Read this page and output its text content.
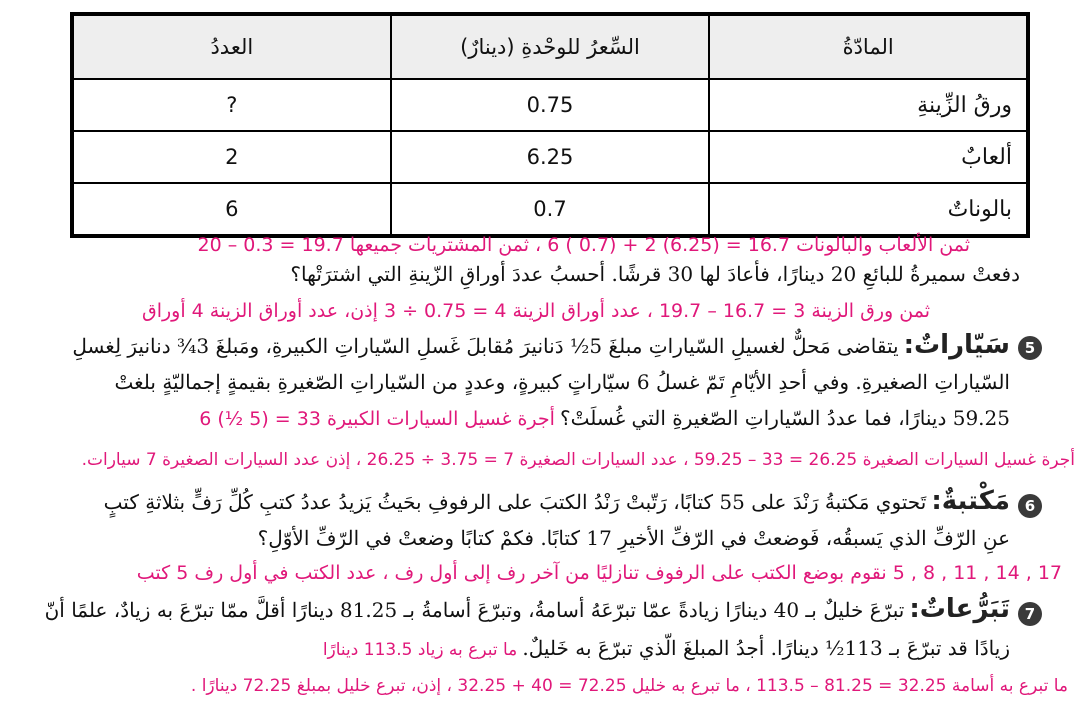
العددُ	السِّعرُ للوحْدةِ (دينارٌ)	المادّةُ
?	0.75	ورقُ الزِّينةِ
2	6.25	ألعابٌ
6	0.7	بالوناتٌ
ثمن الألعاب والبالونات 16.7 = (6.25) 2 + (0.7 ) 6 ، ثمن المشتريات جميعها 19.7 = 0.3 – 20
دفعتْ سميرةُ للبائعِ 20 دينارًا، فأعادَ لها 30 قرشًا. أحسبُ عددَ أوراقِ الزّينةِ التي اشترَتْها؟
ثمن ورق الزينة 3 = 16.7 – 19.7 ، عدد أوراق الزينة 4 = 0.75 ÷ 3 إذن، عدد أوراق الزينة 4 أوراق
5
سَيّاراتٌ: يتقاضى مَحلٌّ لغسيلِ السّياراتِ مبلغَ 5½ دَنانيرَ مُقابلَ غَسلِ السّياراتِ الكبيرةِ، ومَبلغَ 3¾ دنانيرَ لِغسلِ
السّياراتِ الصغيرةِ. وفي أحدِ الأيّامِ تَمّ غسلُ 6 سيّاراتٍ كبيرةٍ، وعددٍ من السّياراتِ الصّغيرةِ بقيمةٍ إجماليّةٍ بلغتْ
59.25 دينارًا، فما عددُ السّياراتِ الصّغيرةِ التي غُسلَتْ؟ أجرة غسيل السيارات الكبيرة 33 = (5 ½) 6
أجرة غسيل السيارات الصغيرة 26.25 = 33 – 59.25 ، عدد السيارات الصغيرة 7 = 3.75 ÷ 26.25 ، إذن عدد السيارات الصغيرة 7 سيارات.
6
مَكْتبةٌ: تَحتوي مَكتبةُ رَنْدَ على 55 كتابًا، رَتّبتْ رَنْدُ الكتبَ على الرفوفِ بحَيثُ يَزيدُ عددُ كتبِ كُلِّ رَفٍّ بثلاثةِ كتبٍ
عنِ الرّفِّ الذي يَسبقُه، فَوضعتْ في الرّفِّ الأخيرِ 17 كتابًا. فكمْ كتابًا وضعتْ في الرّفِّ الأوّلِ؟
17 , 14 , 11 , 8 , 5 نقوم بوضع الكتب على الرفوف تنازليًا من آخر رف إلى أول رف ، عدد الكتب في أول رف 5 كتب
7
تَبَرُّعاتٌ: تبرّعَ خليلٌ بـ 40 دينارًا زيادةً عمّا تبرّعَهُ أسامةُ، وتبرّعَ أسامةُ بـ 81.25 دينارًا أقلَّ ممّا تبرّعَ به زيادٌ، علمًا أنّ
زيادًا قد تبرّعَ بـ 113½ دينارًا. أجدُ المبلغَ الّذي تبرّعَ به خَليلٌ. ما تبرع به زياد 113.5 دينارًا
ما تبرع به أسامة 32.25 = 81.25 – 113.5 ، ما تبرع به خليل 72.25 = 40 + 32.25 ، إذن، تبرع خليل بمبلغ 72.25 دينارًا .
